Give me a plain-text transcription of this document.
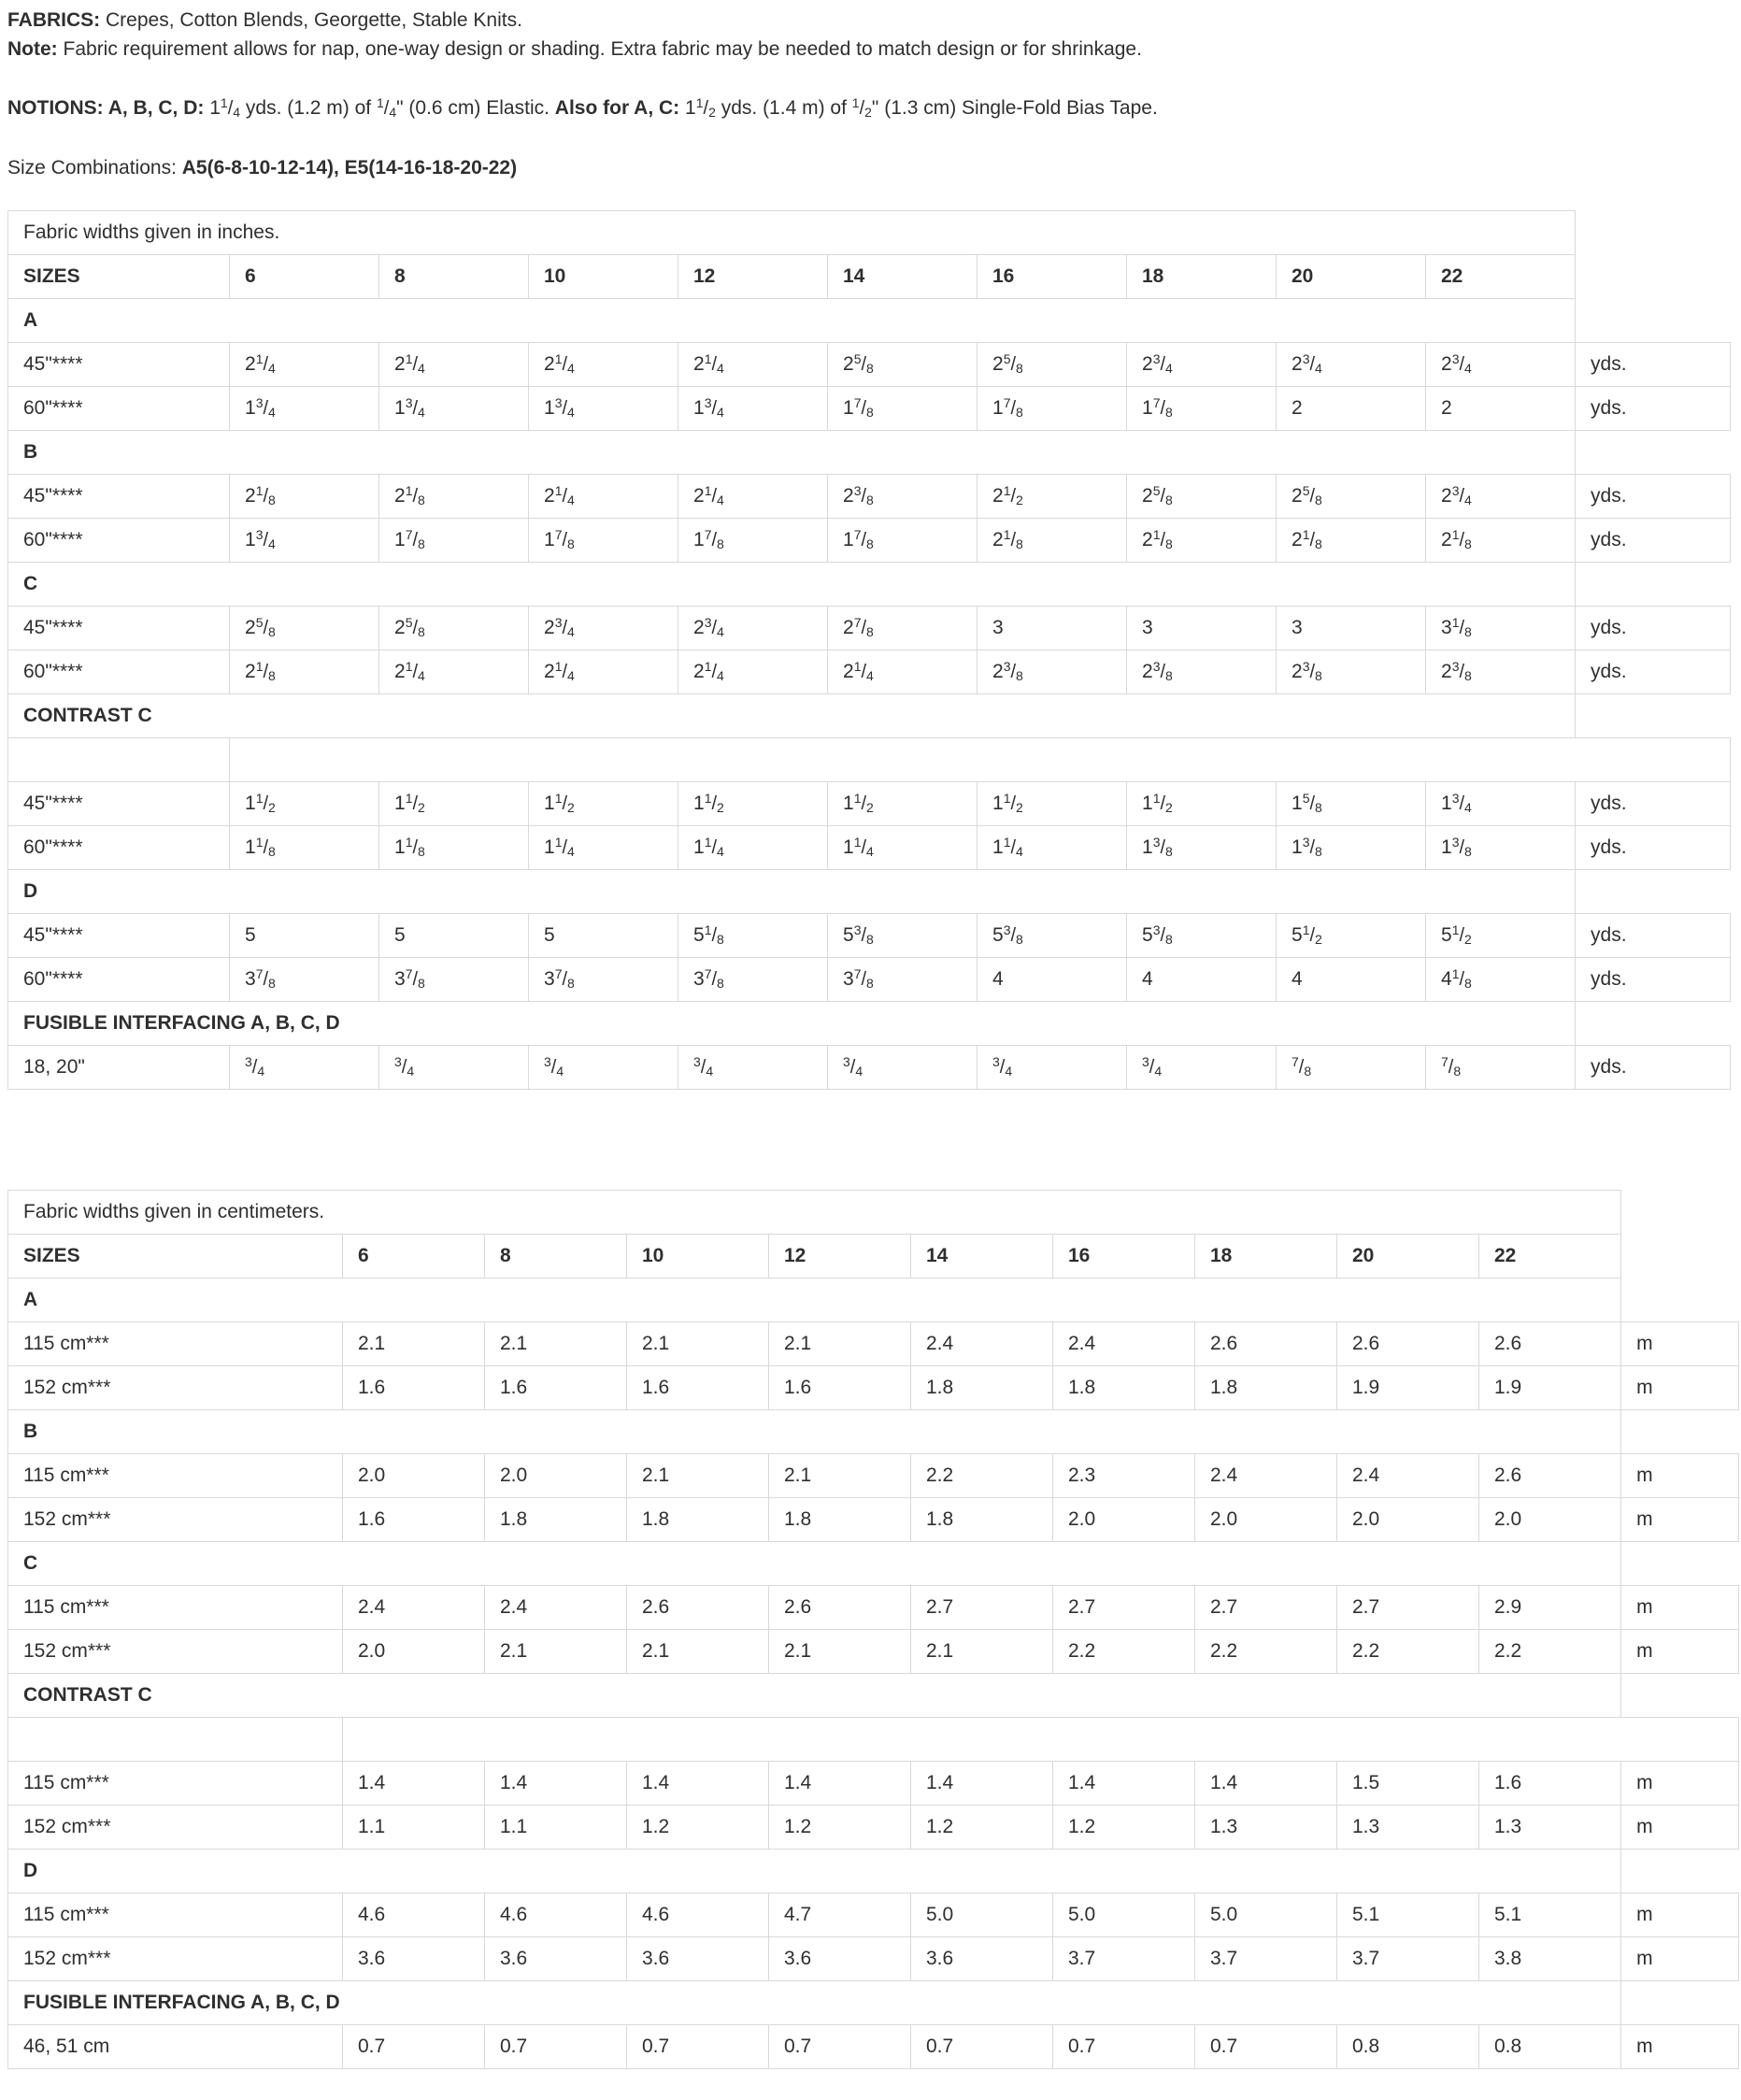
FABRICS: Crepes, Cotton Blends, Georgette, Stable Knits.

Note: Fabric requirement allows for nap, one-way design or shading. Extra fabric may be needed to match design or for shrinkage.

NOTIONS: A, B, C, D: $1^1/_4$ yds. (1.2 m) of $^1/_4$" (0.6 cm) Elastic. Also for A, C: $1^1/_2$ yds. (1.4 m) of $^1/_2$" (1.3 cm) Single-Fold Bias Tape.

Size Combinations: A5(6-8-10-12-14), E5(14-16-18-20-22)

Fabric widths given in inches.										
SIZES	6	8	10	12	14	16	18	20	22	
A										
45"****	$2^1/_4$	$2^1/_4$	$2^1/_4$	$2^1/_4$	$2^5/_8$	$2^5/_8$	$2^3/_4$	$2^3/_4$	$2^3/_4$	yds.
60"****	$1^3/_4$	$1^3/_4$	$1^3/_4$	$1^3/_4$	$1^7/_8$	$1^7/_8$	$1^7/_8$	2	2	yds.
B										
45"****	$2^1/_8$	$2^1/_8$	$2^1/_4$	$2^1/_4$	$2^3/_8$	$2^1/_2$	$2^5/_8$	$2^5/_8$	$2^3/_4$	yds.
60"****	$1^3/_4$	$1^7/_8$	$1^7/_8$	$1^7/_8$	$1^7/_8$	$2^1/_8$	$2^1/_8$	$2^1/_8$	$2^1/_8$	yds.
C										
45"****	$2^5/_8$	$2^5/_8$	$2^3/_4$	$2^3/_4$	$2^7/_8$	3	3	3	$3^1/_8$	yds.
60"****	$2^1/_8$	$2^1/_4$	$2^1/_4$	$2^1/_4$	$2^1/_4$	$2^3/_8$	$2^3/_8$	$2^3/_8$	$2^3/_8$	yds.
CONTRAST C										

45"****	$1^1/_2$	$1^1/_2$	$1^1/_2$	$1^1/_2$	$1^1/_2$	$1^1/_2$	$1^1/_2$	$1^5/_8$	$1^3/_4$	yds.
60"****	$1^1/_8$	$1^1/_8$	$1^1/_4$	$1^1/_4$	$1^1/_4$	$1^1/_4$	$1^3/_8$	$1^3/_8$	$1^3/_8$	yds.
D										
45"****	5	5	5	$5^1/_8$	$5^3/_8$	$5^3/_8$	$5^3/_8$	$5^1/_2$	$5^1/_2$	yds.
60"****	$3^7/_8$	$3^7/_8$	$3^7/_8$	$3^7/_8$	$3^7/_8$	4	4	4	$4^1/_8$	yds.
FUSIBLE INTERFACING A, B, C, D										
18, 20"	$^3/_4$	$^3/_4$	$^3/_4$	$^3/_4$	$^3/_4$	$^3/_4$	$^3/_4$	$^7/_8$	$^7/_8$	yds.
Fabric widths given in centimeters.										
SIZES	6	8	10	12	14	16	18	20	22	
A										
115 cm***	2.1	2.1	2.1	2.1	2.4	2.4	2.6	2.6	2.6	m
152 cm***	1.6	1.6	1.6	1.6	1.8	1.8	1.8	1.9	1.9	m
B										
115 cm***	2.0	2.0	2.1	2.1	2.2	2.3	2.4	2.4	2.6	m
152 cm***	1.6	1.8	1.8	1.8	1.8	2.0	2.0	2.0	2.0	m
C										
115 cm***	2.4	2.4	2.6	2.6	2.7	2.7	2.7	2.7	2.9	m
152 cm***	2.0	2.1	2.1	2.1	2.1	2.2	2.2	2.2	2.2	m
CONTRAST C										

115 cm***	1.4	1.4	1.4	1.4	1.4	1.4	1.4	1.5	1.6	m
152 cm***	1.1	1.1	1.2	1.2	1.2	1.2	1.3	1.3	1.3	m
D										
115 cm***	4.6	4.6	4.6	4.7	5.0	5.0	5.0	5.1	5.1	m
152 cm***	3.6	3.6	3.6	3.6	3.6	3.7	3.7	3.7	3.8	m
FUSIBLE INTERFACING A, B, C, D										
46, 51 cm	0.7	0.7	0.7	0.7	0.7	0.7	0.7	0.8	0.8	m
